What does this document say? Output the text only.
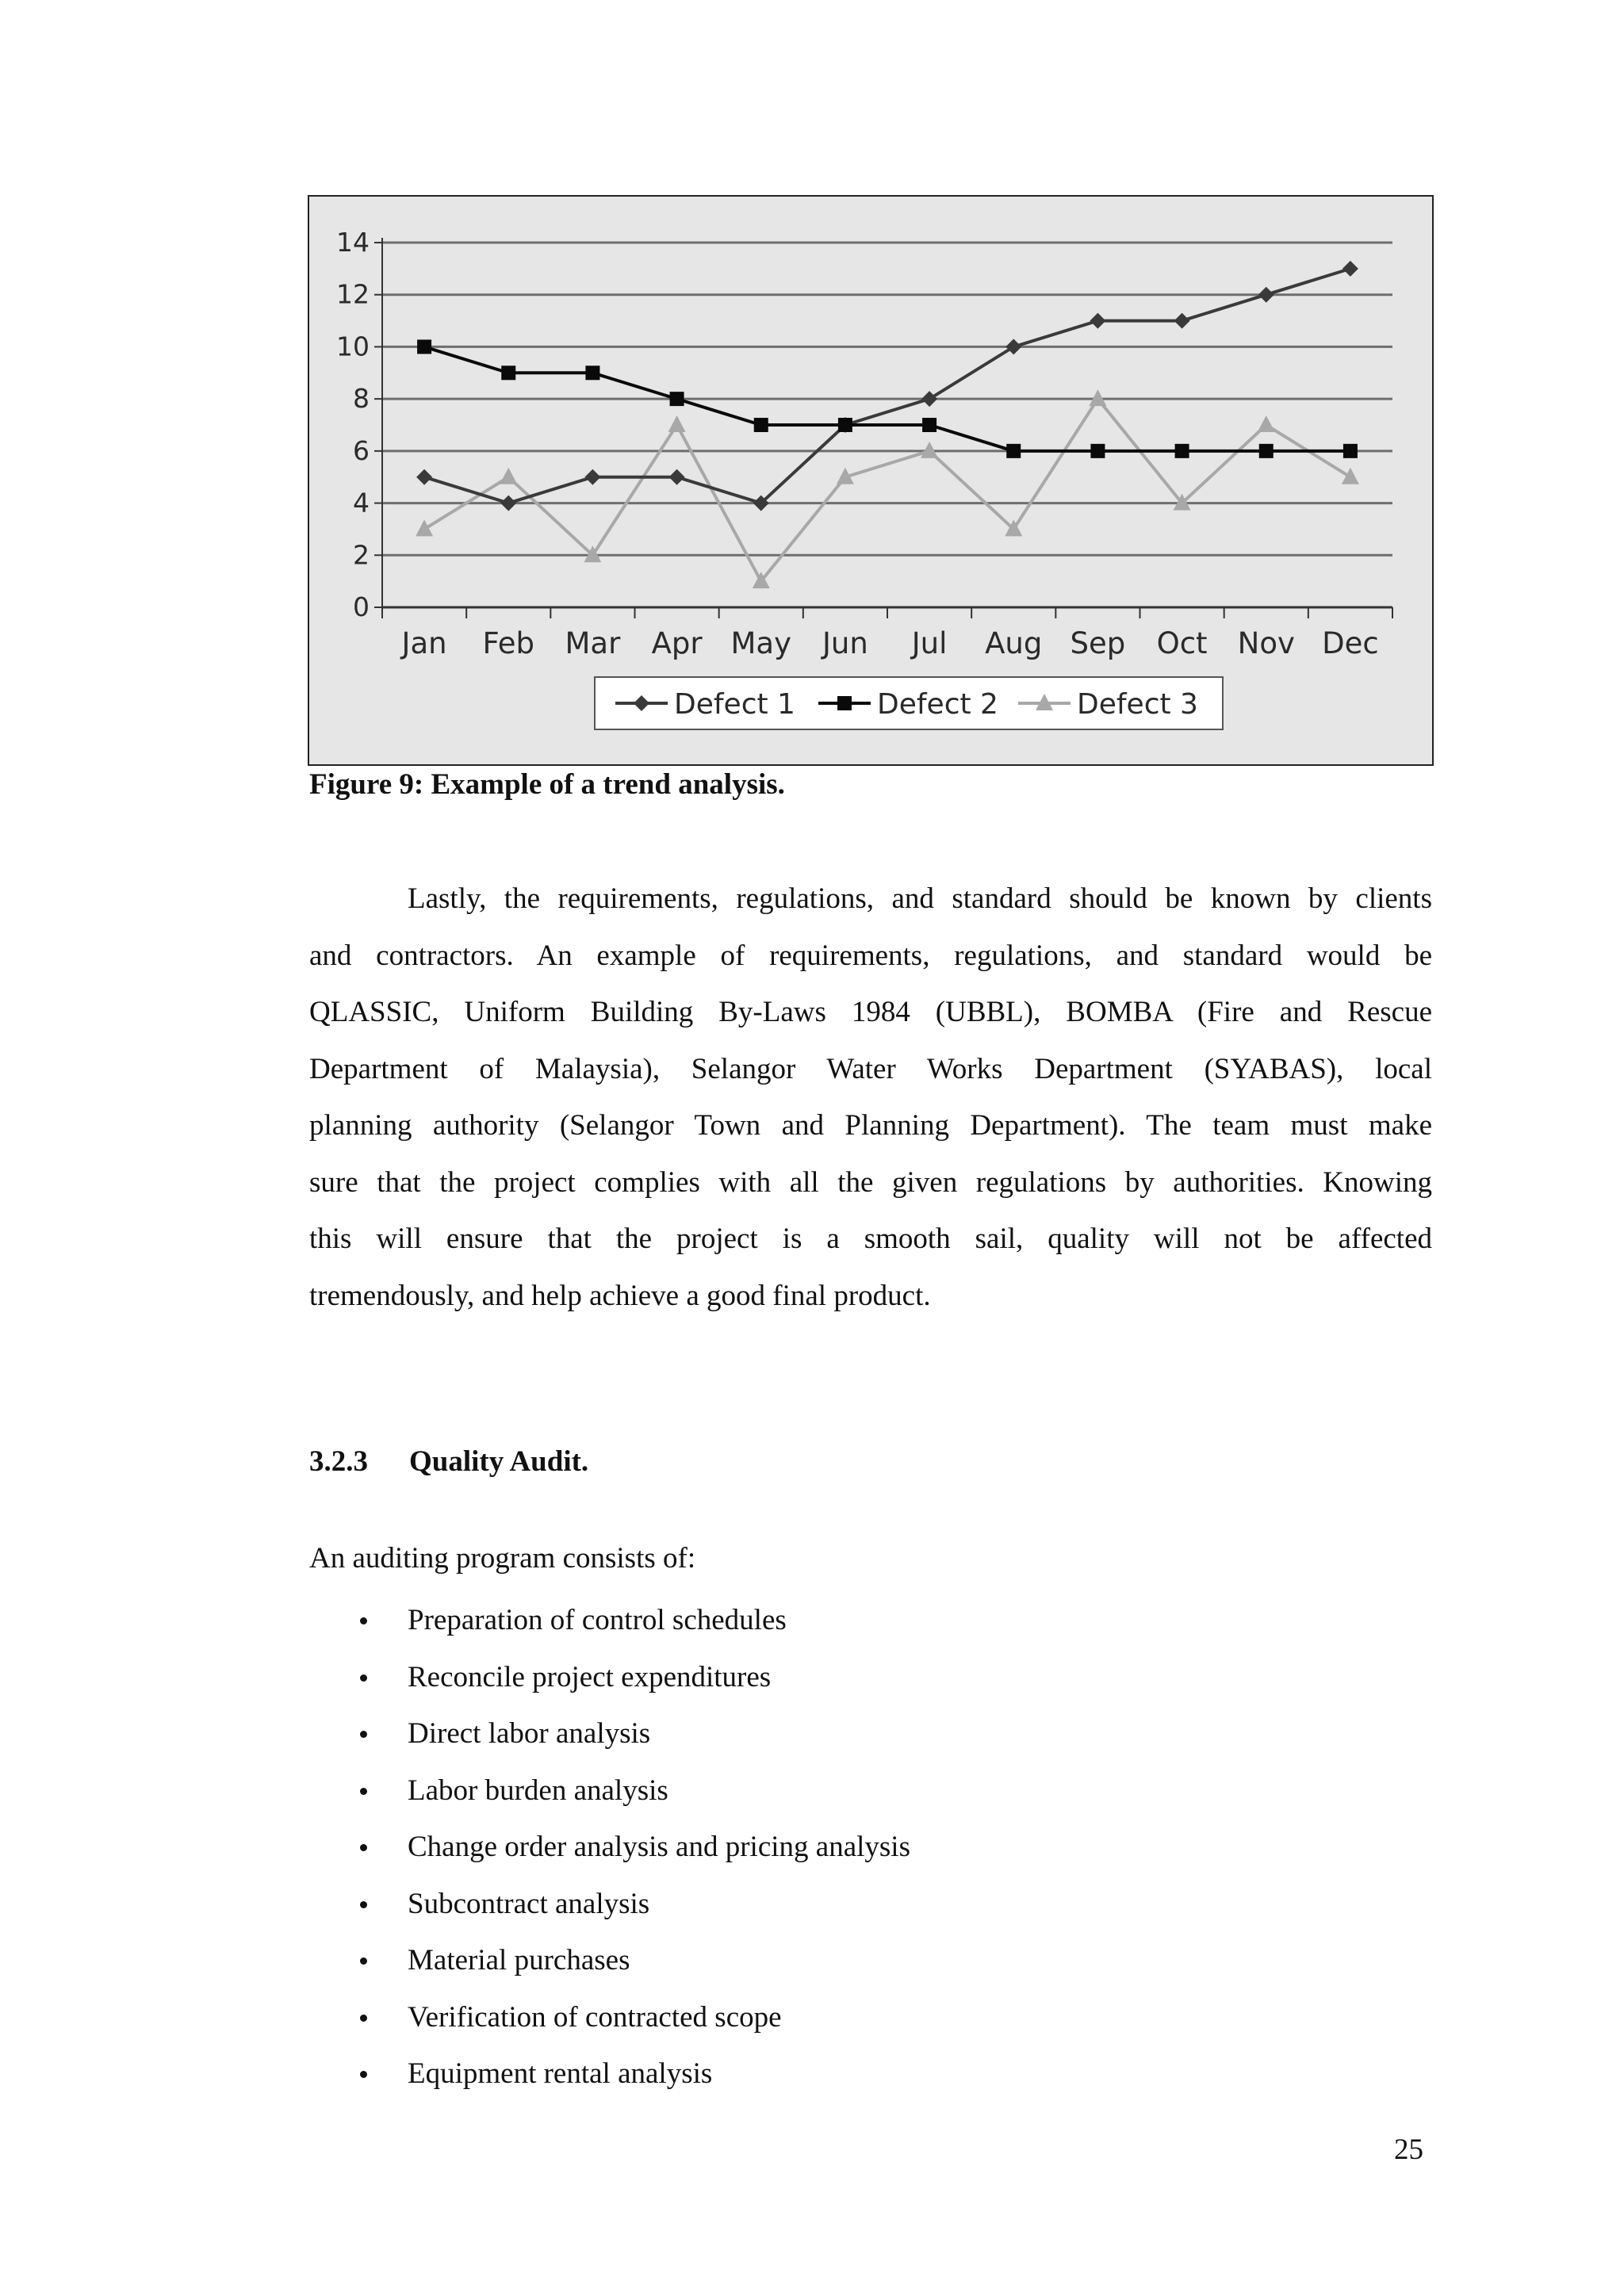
0
2
4
6
8
10
12
14
Jan Feb Mar Apr May Jun Jul Aug Sep Oct Nov Dec
Defect 1	Defect 2	Defect 3
Figure 9: Example of a trend analysis.

Lastly, the requirements, regulations, and standard should be known by clients
and contractors. An example of requirements, regulations, and standard would be
QLASSIC, Uniform Building By-Laws 1984 (UBBL), BOMBA (Fire and Rescue
Department of Malaysia), Selangor Water Works Department (SYABAS), local
planning authority (Selangor Town and Planning Department). The team must make
sure that the project complies with all the given regulations by authorities. Knowing
this will ensure that the project is a smooth sail, quality will not be affected
tremendously, and help achieve a good final product.

3.2.3 Quality Audit.
An auditing program consists of:
Preparation of control schedules
Reconcile project expenditures
Direct labor analysis
Labor burden analysis
Change order analysis and pricing analysis
Subcontract analysis
Material purchases
Verification of contracted scope
Equipment rental analysis
25
